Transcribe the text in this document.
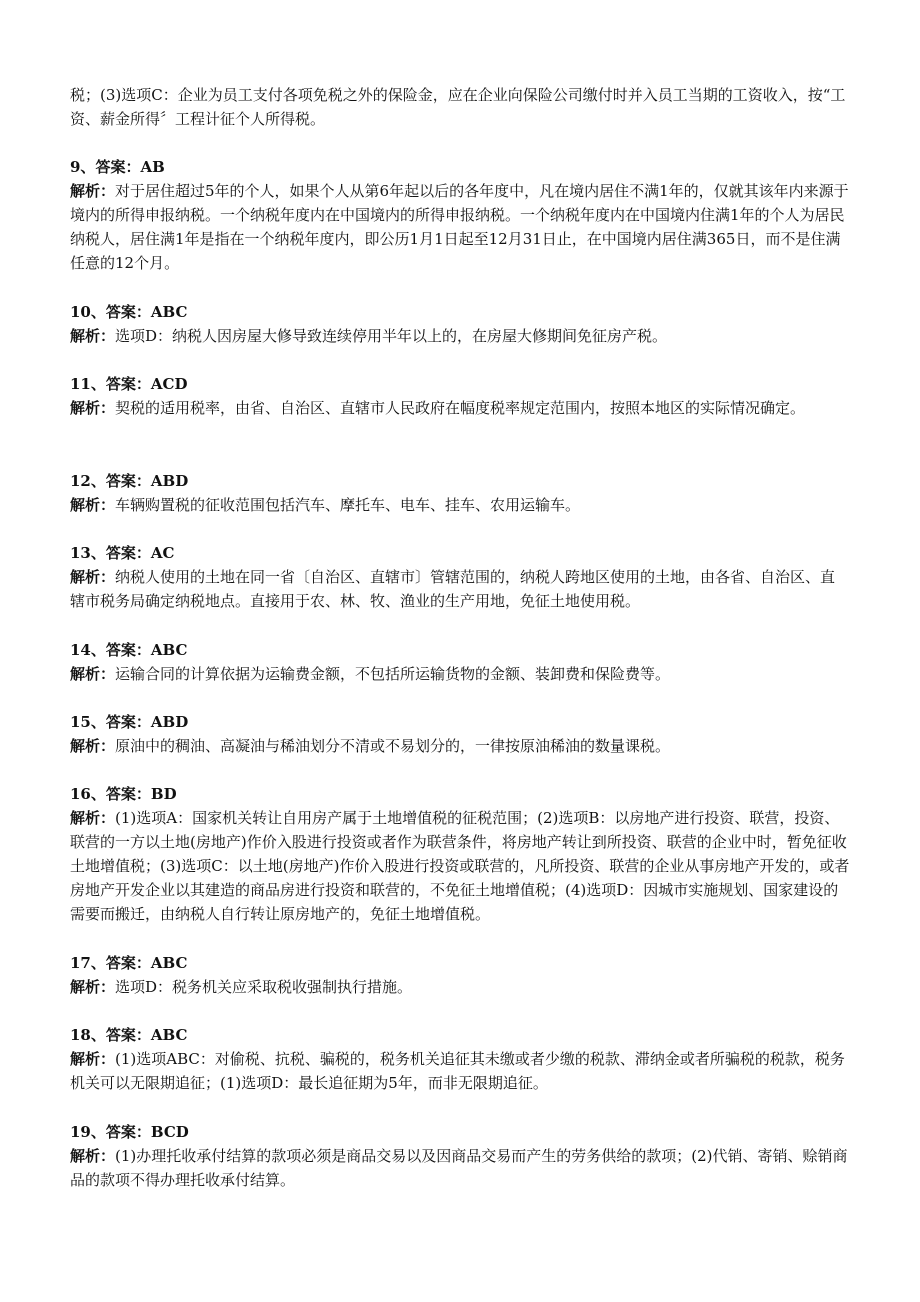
税；(3)选项C：企业为员工支付各项免税之外的保险金，应在企业向保险公司缴付时并入员工当期的工资收入，按“工资、薪金所得〞工程计征个人所得税。

9、答案：AB

解析：对于居住超过5年的个人，如果个人从第6年起以后的各年度中，凡在境内居住不满1年的，仅就其该年内来源于境内的所得申报纳税。一个纳税年度内在中国境内的所得申报纳税。一个纳税年度内在中国境内住满1年的个人为居民纳税人，居住满1年是指在一个纳税年度内，即公历1月1日起至12月31日止，在中国境内居住满365日，而不是住满任意的12个月。

10、答案：ABC

解析：选项D：纳税人因房屋大修导致连续停用半年以上的，在房屋大修期间免征房产税。

11、答案：ACD

解析：契税的适用税率，由省、自治区、直辖市人民政府在幅度税率规定范围内，按照本地区的实际情况确定。

12、答案：ABD

解析：车辆购置税的征收范围包括汽车、摩托车、电车、挂车、农用运输车。

13、答案：AC

解析：纳税人使用的土地在同一省〔自治区、直辖市〕管辖范围的，纳税人跨地区使用的土地，由各省、自治区、直辖市税务局确定纳税地点。直接用于农、林、牧、渔业的生产用地，免征土地使用税。

14、答案：ABC

解析：运输合同的计算依据为运输费金额，不包括所运输货物的金额、装卸费和保险费等。

15、答案：ABD

解析：原油中的稠油、高凝油与稀油划分不清或不易划分的，一律按原油稀油的数量课税。

16、答案：BD

解析：(1)选项A：国家机关转让自用房产属于土地增值税的征税范围；(2)选项B：以房地产进行投资、联营，投资、联营的一方以土地(房地产)作价入股进行投资或者作为联营条件，将房地产转让到所投资、联营的企业中时，暂免征收土地增值税；(3)选项C：以土地(房地产)作价入股进行投资或联营的，凡所投资、联营的企业从事房地产开发的，或者房地产开发企业以其建造的商品房进行投资和联营的，不免征土地增值税；(4)选项D：因城市实施规划、国家建设的需要而搬迁，由纳税人自行转让原房地产的，免征土地增值税。

17、答案：ABC

解析：选项D：税务机关应采取税收强制执行措施。

18、答案：ABC

解析：(1)选项ABC：对偷税、抗税、骗税的，税务机关追征其未缴或者少缴的税款、滞纳金或者所骗税的税款，税务机关可以无限期追征；(1)选项D：最长追征期为5年，而非无限期追征。

19、答案：BCD

解析：(1)办理托收承付结算的款项必须是商品交易以及因商品交易而产生的劳务供给的款项；(2)代销、寄销、赊销商品的款项不得办理托收承付结算。
